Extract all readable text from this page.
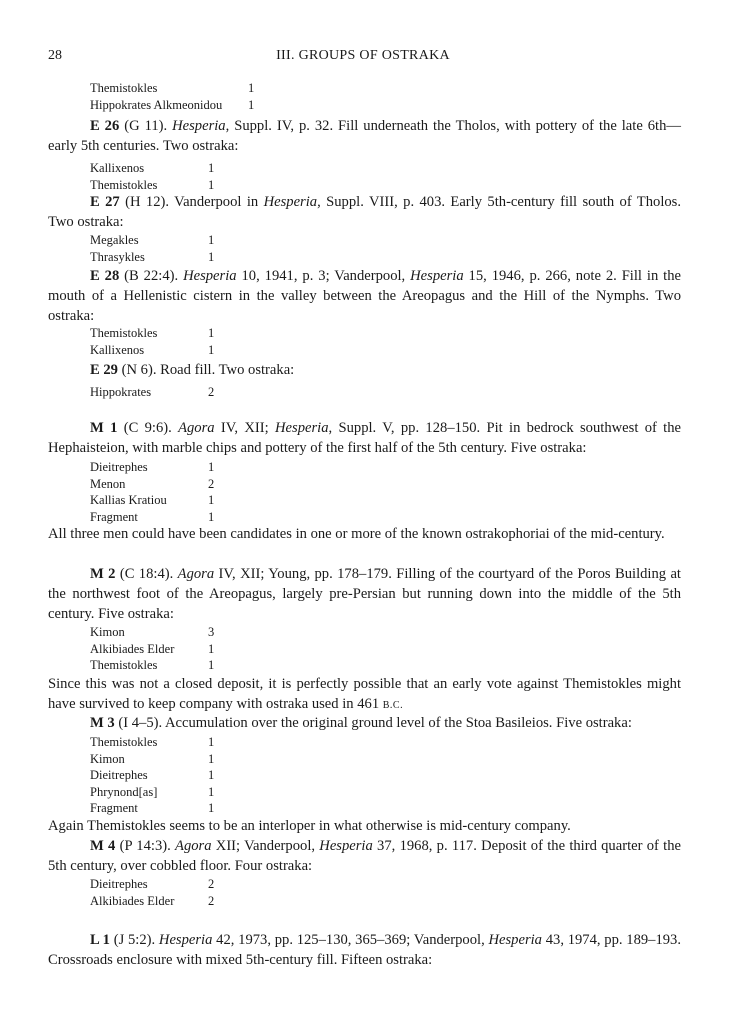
28	III. GROUPS OF OSTRAKA
Themistokles	1
Hippokrates Alkmeonidou 1
E 26 (G 11). Hesperia, Suppl. IV, p. 32. Fill underneath the Tholos, with pottery of the late 6th—early 5th centuries. Two ostraka:
Kallixenos	1
Themistokles	1
E 27 (H 12). Vanderpool in Hesperia, Suppl. VIII, p. 403. Early 5th-century fill south of Tholos. Two ostraka:
Megakles	1
Thrasykles	1
E 28 (B 22:4). Hesperia 10, 1941, p. 3; Vanderpool, Hesperia 15, 1946, p. 266, note 2. Fill in the mouth of a Hellenistic cistern in the valley between the Areopagus and the Hill of the Nymphs. Two ostraka:
Themistokles	1
Kallixenos	1
E 29 (N 6). Road fill. Two ostraka:
Hippokrates	2
M 1 (C 9:6). Agora IV, XII; Hesperia, Suppl. V, pp. 128–150. Pit in bedrock southwest of the Hephaisteion, with marble chips and pottery of the first half of the 5th century. Five ostraka:
Dieitrephes	1
Menon	2
Kallias Kratiou	1
Fragment	1
All three men could have been candidates in one or more of the known ostrakophoriai of the mid-century.
M 2 (C 18:4). Agora IV, XII; Young, pp. 178–179. Filling of the courtyard of the Poros Building at the northwest foot of the Areopagus, largely pre-Persian but running down into the middle of the 5th century. Five ostraka:
Kimon	3
Alkibiades Elder	1
Themistokles	1
Since this was not a closed deposit, it is perfectly possible that an early vote against Themistokles might have survived to keep company with ostraka used in 461 B.C.
M 3 (I 4–5). Accumulation over the original ground level of the Stoa Basileios. Five ostraka:
Themistokles	1
Kimon	1
Dieitrephes	1
Phrynond[as]	1
Fragment	1
Again Themistokles seems to be an interloper in what otherwise is mid-century company.
M 4 (P 14:3). Agora XII; Vanderpool, Hesperia 37, 1968, p. 117. Deposit of the third quarter of the 5th century, over cobbled floor. Four ostraka:
Dieitrephes	2
Alkibiades Elder	2
L 1 (J 5:2). Hesperia 42, 1973, pp. 125–130, 365–369; Vanderpool, Hesperia 43, 1974, pp. 189–193. Crossroads enclosure with mixed 5th-century fill. Fifteen ostraka:
